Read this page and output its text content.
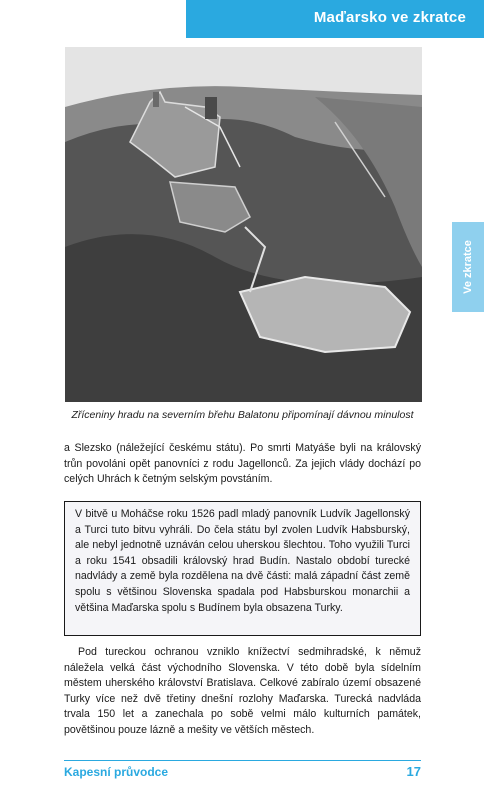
Maďarsko ve zkratce
Zříceniny hradu na severním břehu Balatonu připomínají dávnou minulost
Ve zkratce

a Slezsko (náležející českému státu). Po smrti Matyáše byli na královský trůn povoláni opět panovníci z rodu Jagellonců. Za jejich vlády dochází po celých Uhrách k četným selským povstáním.

V bitvě u Moháčse roku 1526 padl mladý panovník Ludvík Jagellonský a Turci tuto bitvu vyhráli. Do čela státu byl zvolen Ludvík Habsburský, ale nebyl jednotně uznáván celou uherskou šlechtou. Toho využili Turci a roku 1541 obsadili královský hrad Budín. Nastalo období turecké nadvlády a země byla rozdělena na dvě části: malá západní část země spolu s většinou Slovenska spadala pod Habsburskou monarchii a většina Maďarska spolu s Budínem byla obsazena Turky.

Pod tureckou ochranou vzniklo knížectví sedmihradské, k němuž náležela velká část východního Slovenska. V této době byla sídelním městem uherského království Bratislava. Celkové zabíralo území obsazené Turky více než dvě třetiny dnešní rozlohy Maďarska. Turecká nadvláda trvala 150 let a zanechala po sobě velmi málo kulturních památek, povětšinou pouze lázně a mešity ve větších městech.

Kapesní průvodce	17
